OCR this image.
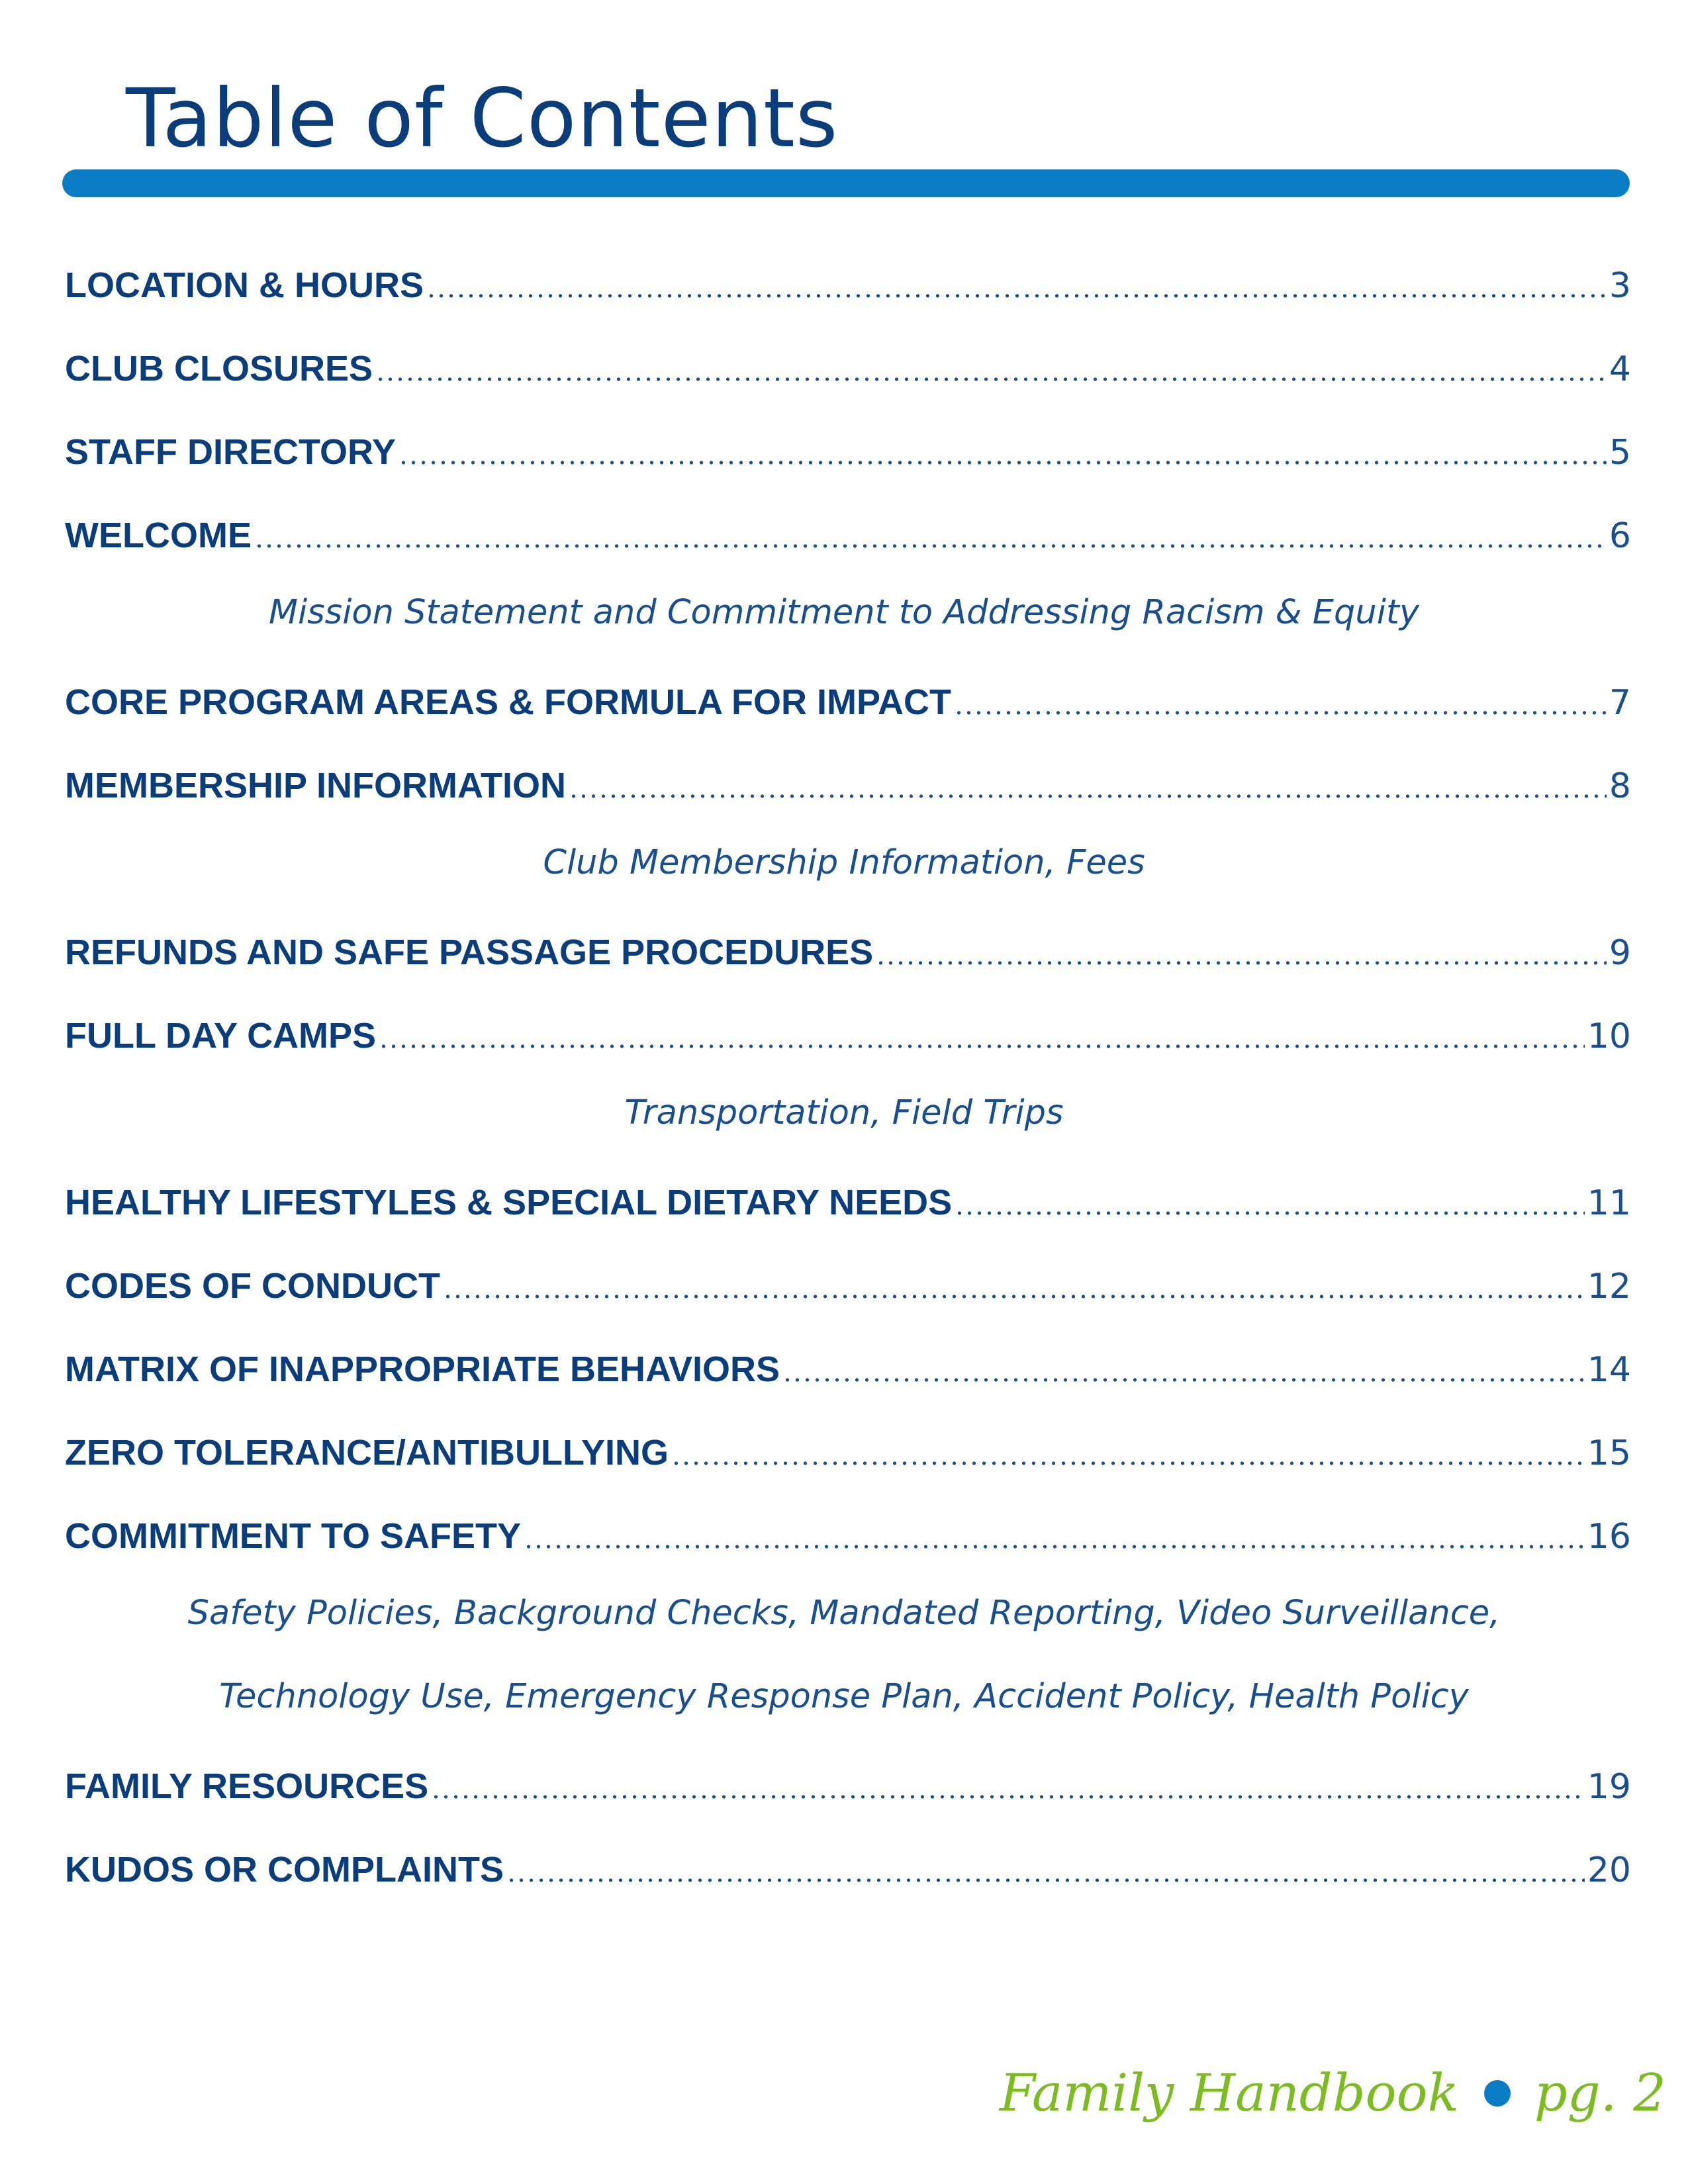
Table of Contents
LOCATION & HOURS	3
CLUB CLOSURES	4
STAFF DIRECTORY	5
WELCOME	6
Mission Statement and Commitment to Addressing Racism & Equity
CORE PROGRAM AREAS & FORMULA FOR IMPACT	7
MEMBERSHIP INFORMATION	8
Club Membership Information, Fees
REFUNDS AND SAFE PASSAGE PROCEDURES	9
FULL DAY CAMPS	10
Transportation, Field Trips
HEALTHY LIFESTYLES & SPECIAL DIETARY NEEDS	11
CODES OF CONDUCT	12
MATRIX OF INAPPROPRIATE BEHAVIORS	14
ZERO TOLERANCE/ANTIBULLYING	15
COMMITMENT TO SAFETY	16
Safety Policies, Background Checks, Mandated Reporting, Video Surveillance,
Technology Use, Emergency Response Plan, Accident Policy, Health Policy
FAMILY RESOURCES	19
KUDOS OR COMPLAINTS	20
Family Handbook pg. 2
